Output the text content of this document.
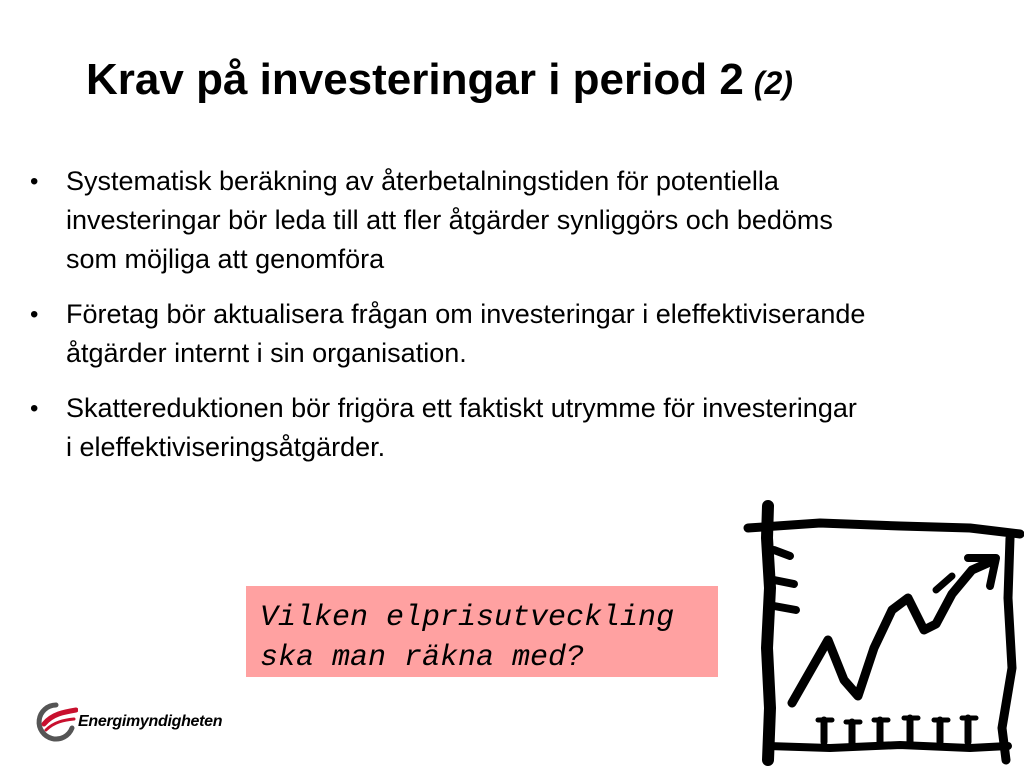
Krav på investeringar i period 2 (2)
• Systematisk beräkning av återbetalningstiden för potentiella investeringar bör leda till att fler åtgärder synliggörs och bedöms som möjliga att genomföra
• Företag bör aktualisera frågan om investeringar i eleffektiviserande åtgärder internt i sin organisation.
• Skattereduktionen bör frigöra ett faktiskt utrymme för investeringar i eleffektiviseringsåtgärder.
Vilken elprisutveckling
ska man räkna med?
Energimyndigheten
